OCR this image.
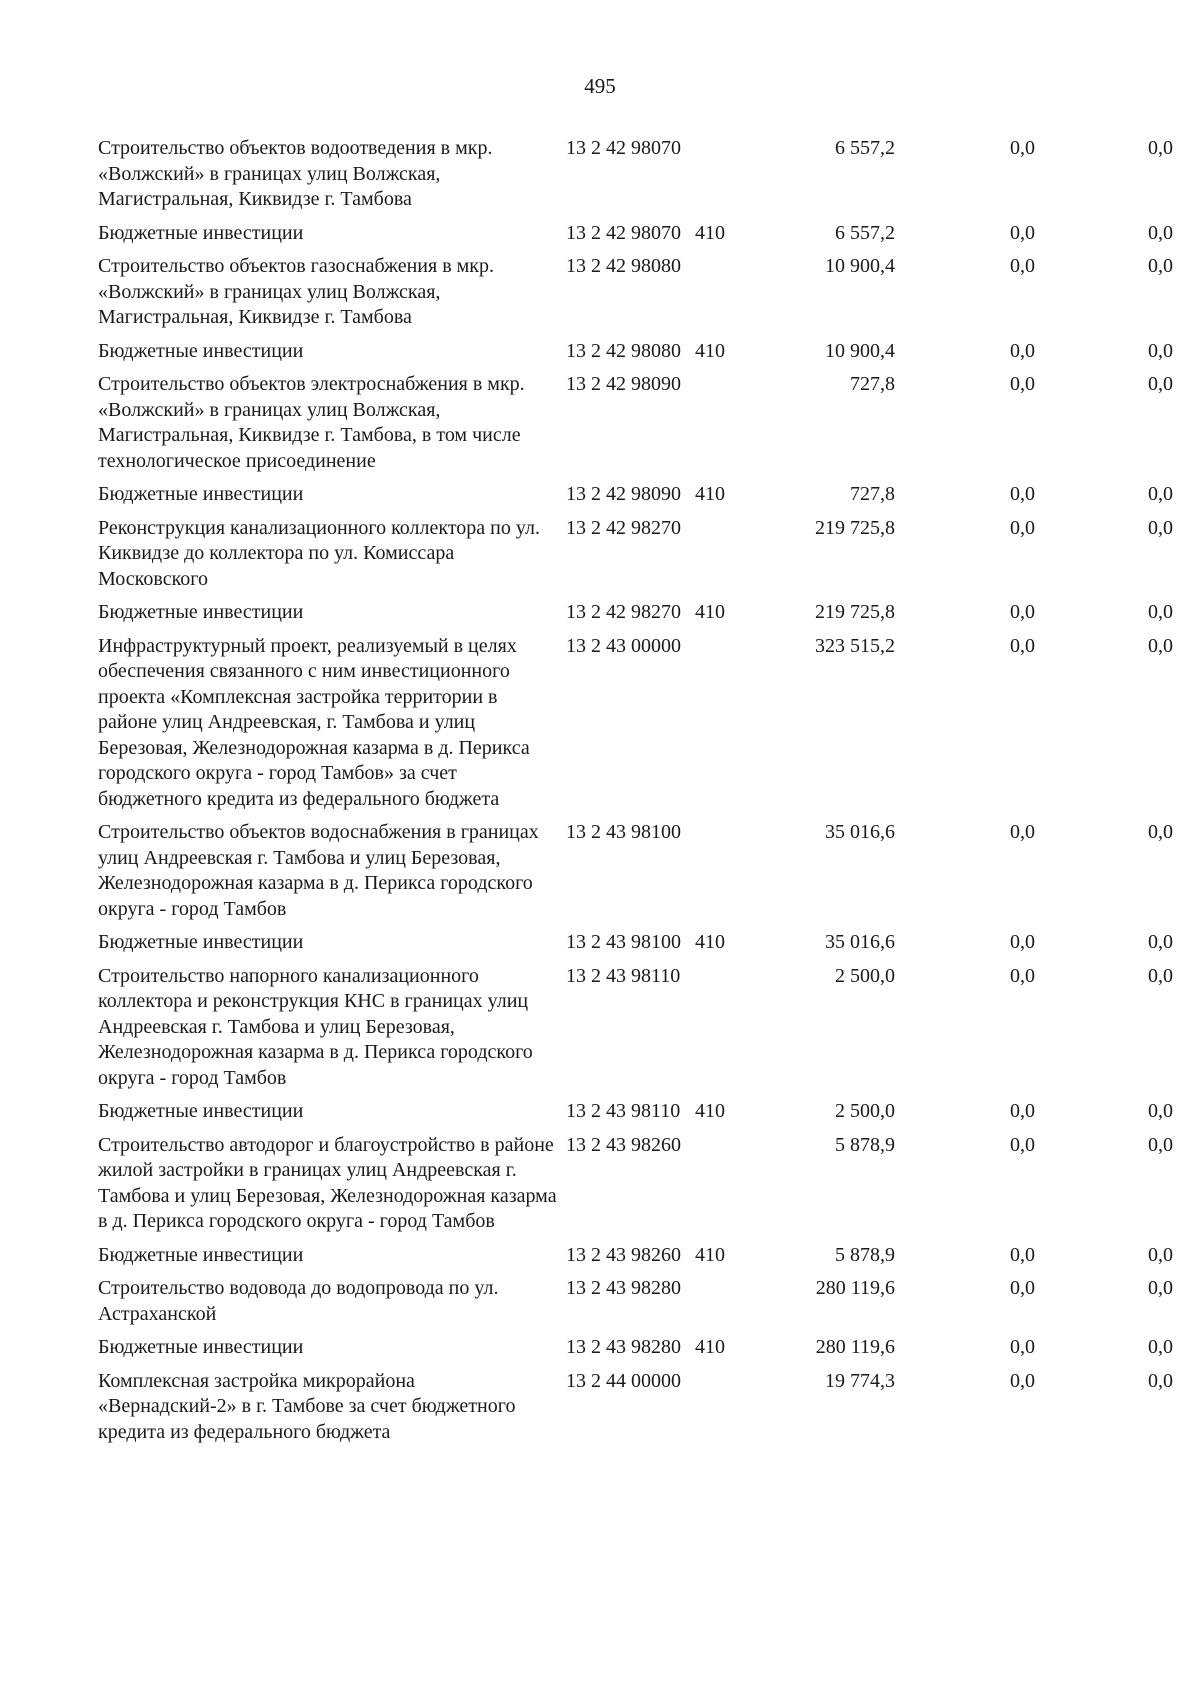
495
Строительство объектов водоотведения в мкр. «Волжский» в границах улиц Волжская, Магистральная, Киквидзе г. Тамбова	13 2 42 98070		6 557,2	0,0	0,0
Бюджетные инвестиции	13 2 42 98070	410	6 557,2	0,0	0,0
Строительство объектов газоснабжения в мкр. «Волжский» в границах улиц Волжская, Магистральная, Киквидзе г. Тамбова	13 2 42 98080		10 900,4	0,0	0,0
Бюджетные инвестиции	13 2 42 98080	410	10 900,4	0,0	0,0
Строительство объектов электроснабжения в мкр. «Волжский» в границах улиц Волжская, Магистральная, Киквидзе г. Тамбова, в том числе технологическое присоединение	13 2 42 98090		727,8	0,0	0,0
Бюджетные инвестиции	13 2 42 98090	410	727,8	0,0	0,0
Реконструкция канализационного коллектора по ул. Киквидзе до коллектора по ул. Комиссара Московского	13 2 42 98270		219 725,8	0,0	0,0
Бюджетные инвестиции	13 2 42 98270	410	219 725,8	0,0	0,0
Инфраструктурный проект, реализуемый в целях обеспечения связанного с ним инвестиционного проекта «Комплексная застройка территории в районе улиц Андреевская, г. Тамбова и улиц Березовая, Железнодорожная казарма в д. Перикса городского округа - город Тамбов» за счет бюджетного кредита из федерального бюджета	13 2 43 00000		323 515,2	0,0	0,0
Строительство объектов водоснабжения в границах улиц Андреевская г. Тамбова и улиц Березовая, Железнодорожная казарма в д. Перикса городского округа - город Тамбов	13 2 43 98100		35 016,6	0,0	0,0
Бюджетные инвестиции	13 2 43 98100	410	35 016,6	0,0	0,0
Строительство напорного канализационного коллектора и реконструкция КНС в границах улиц Андреевская г. Тамбова и улиц Березовая, Железнодорожная казарма в д. Перикса городского округа - город Тамбов	13 2 43 98110		2 500,0	0,0	0,0
Бюджетные инвестиции	13 2 43 98110	410	2 500,0	0,0	0,0
Строительство автодорог и благоустройство в районе жилой застройки в границах улиц Андреевская г. Тамбова и улиц Березовая, Железнодорожная казарма в д. Перикса городского округа - город Тамбов	13 2 43 98260		5 878,9	0,0	0,0
Бюджетные инвестиции	13 2 43 98260	410	5 878,9	0,0	0,0
Строительство водовода до водопровода по ул. Астраханской	13 2 43 98280		280 119,6	0,0	0,0
Бюджетные инвестиции	13 2 43 98280	410	280 119,6	0,0	0,0
Комплексная застройка микрорайона «Вернадский-2» в г. Тамбове за счет бюджетного кредита из федерального бюджета	13 2 44 00000		19 774,3	0,0	0,0
